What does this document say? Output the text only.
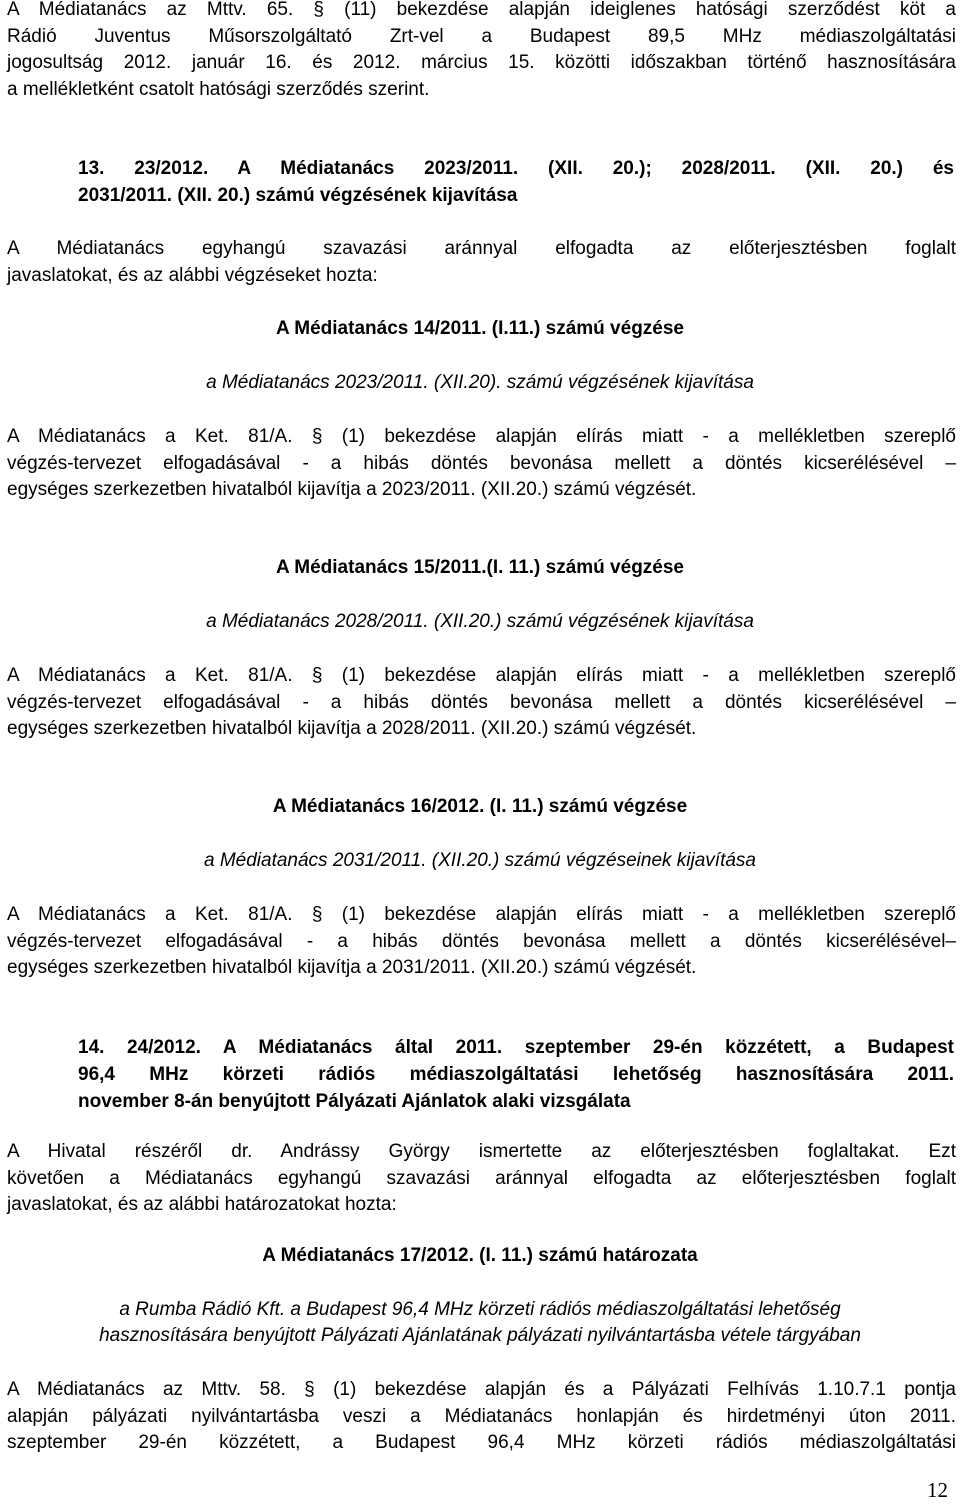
A Médiatanács az Mttv. 65. § (11) bekezdése alapján ideiglenes hatósági szerződést köt a
Rádió Juventus Műsorszolgáltató Zrt-vel a Budapest 89,5 MHz médiaszolgáltatási
jogosultság 2012. január 16. és 2012. március 15. közötti időszakban történő hasznosítására
a mellékletként csatolt hatósági szerződés szerint.
13. 23/2012. A Médiatanács 2023/2011. (XII. 20.); 2028/2011. (XII. 20.) és
2031/2011. (XII. 20.) számú végzésének kijavítása
A Médiatanács egyhangú szavazási aránnyal elfogadta az előterjesztésben foglalt
javaslatokat, és az alábbi végzéseket hozta:
A Médiatanács 14/2011. (I.11.) számú végzése
a Médiatanács 2023/2011. (XII.20). számú végzésének kijavítása
A Médiatanács a Ket. 81/A. § (1) bekezdése alapján elírás miatt - a mellékletben szereplő
végzés-tervezet elfogadásával - a hibás döntés bevonása mellett a döntés kicserélésével –
egységes szerkezetben hivatalból kijavítja a 2023/2011. (XII.20.) számú végzését.
A Médiatanács 15/2011.(I. 11.) számú végzése
a Médiatanács 2028/2011. (XII.20.) számú végzésének kijavítása
A Médiatanács a Ket. 81/A. § (1) bekezdése alapján elírás miatt - a mellékletben szereplő
végzés-tervezet elfogadásával - a hibás döntés bevonása mellett a döntés kicserélésével –
egységes szerkezetben hivatalból kijavítja a 2028/2011. (XII.20.) számú végzését.
A Médiatanács 16/2012. (I. 11.) számú végzése
a Médiatanács 2031/2011. (XII.20.) számú végzéseinek kijavítása
A Médiatanács a Ket. 81/A. § (1) bekezdése alapján elírás miatt - a mellékletben szereplő
végzés-tervezet elfogadásával - a hibás döntés bevonása mellett a döntés kicserélésével–
egységes szerkezetben hivatalból kijavítja a 2031/2011. (XII.20.) számú végzését.
14. 24/2012. A Médiatanács által 2011. szeptember 29-én közzétett, a Budapest
96,4 MHz körzeti rádiós médiaszolgáltatási lehetőség hasznosítására 2011.
november 8-án benyújtott Pályázati Ajánlatok alaki vizsgálata
A Hivatal részéről dr. Andrássy György ismertette az előterjesztésben foglaltakat. Ezt
követően a Médiatanács egyhangú szavazási aránnyal elfogadta az előterjesztésben foglalt
javaslatokat, és az alábbi határozatokat hozta:
A Médiatanács 17/2012. (I. 11.) számú határozata
a Rumba Rádió Kft. a Budapest 96,4 MHz körzeti rádiós médiaszolgáltatási lehetőség
hasznosítására benyújtott Pályázati Ajánlatának pályázati nyilvántartásba vétele tárgyában
A Médiatanács az Mttv. 58. § (1) bekezdése alapján és a Pályázati Felhívás 1.10.7.1 pontja
alapján pályázati nyilvántartásba veszi a Médiatanács honlapján és hirdetményi úton 2011.
szeptember 29-én közzétett, a Budapest 96,4 MHz körzeti rádiós médiaszolgáltatási
12
